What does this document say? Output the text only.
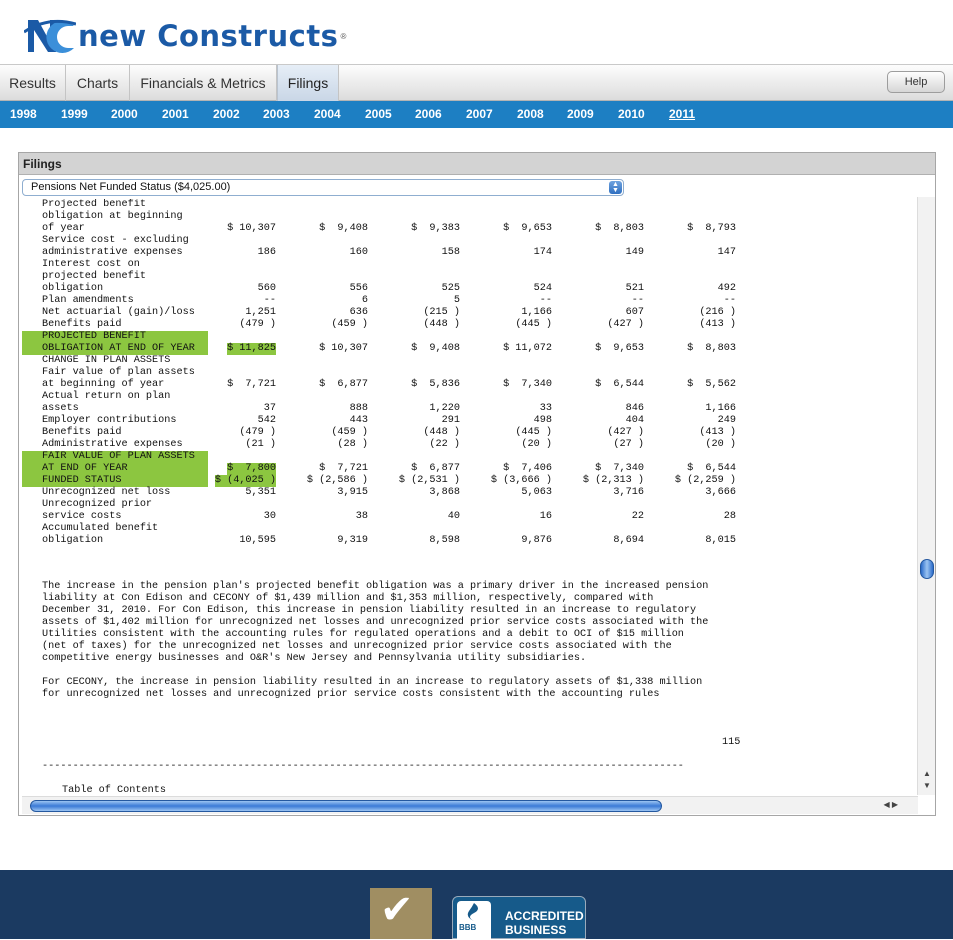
new Constructs ®
Results	Charts	Financials & Metrics	Filings	Help
1998 1999 2000 2001 2002 2003 2004 2005 2006 2007 2008 2009 2010 2011
Filings
Pensions Net Funded Status ($4,025.00)	▲
▼
Projected benefit
obligation at beginning
of year	$ 10,307	$  9,408	$  9,383	$  9,653	$  8,803	$  8,793
Service cost - excluding
administrative expenses	186	160	158	174	149	147
Interest cost on
projected benefit
obligation	560	556	525	524	521	492
Plan amendments	--	6	5	--	--	--
Net actuarial (gain)/loss	1,251	636	(215 )	1,166	607	(216 )
Benefits paid	(479 )	(459 )	(448 )	(445 )	(427 )	(413 )
PROJECTED BENEFIT
OBLIGATION AT END OF YEAR	$ 11,825	$ 10,307	$  9,408	$ 11,072	$  9,653	$  8,803
CHANGE IN PLAN ASSETS
Fair value of plan assets
at beginning of year	$  7,721	$  6,877	$  5,836	$  7,340	$  6,544	$  5,562
Actual return on plan
assets	37	888	1,220	33	846	1,166
Employer contributions	542	443	291	498	404	249
Benefits paid	(479 )	(459 )	(448 )	(445 )	(427 )	(413 )
Administrative expenses	(21 )	(28 )	(22 )	(20 )	(27 )	(20 )
FAIR VALUE OF PLAN ASSETS
AT END OF YEAR	$  7,800	$  7,721	$  6,877	$  7,406	$  7,340	$  6,544
FUNDED STATUS	$ (4,025 )	$ (2,586 )	$ (2,531 )	$ (3,666 )	$ (2,313 )	$ (2,259 )
Unrecognized net loss	5,351	3,915	3,868	5,063	3,716	3,666
Unrecognized prior
service costs	30	38	40	16	22	28
Accumulated benefit
obligation	10,595	9,319	8,598	9,876	8,694	8,015
The increase in the pension plan's projected benefit obligation was a primary driver in the increased pension
liability at Con Edison and CECONY of $1,439 million and $1,353 million, respectively, compared with
December 31, 2010. For Con Edison, this increase in pension liability resulted in an increase to regulatory
assets of $1,402 million for unrecognized net losses and unrecognized prior service costs associated with the
Utilities consistent with the accounting rules for regulated operations and a debit to OCI of $15 million
(net of taxes) for the unrecognized net losses and unrecognized prior service costs associated with the
competitive energy businesses and O&R's New Jersey and Pennsylvania utility subsidiaries.
For CECONY, the increase in pension liability resulted in an increase to regulatory assets of $1,338 million
for unrecognized net losses and unrecognized prior service costs consistent with the accounting rules
115
---------------------------------------------------------------------------------------------------------
Table of Contents
▲
▼
◀ ▶
✔	BBB
ACCREDITED
BUSINESS
